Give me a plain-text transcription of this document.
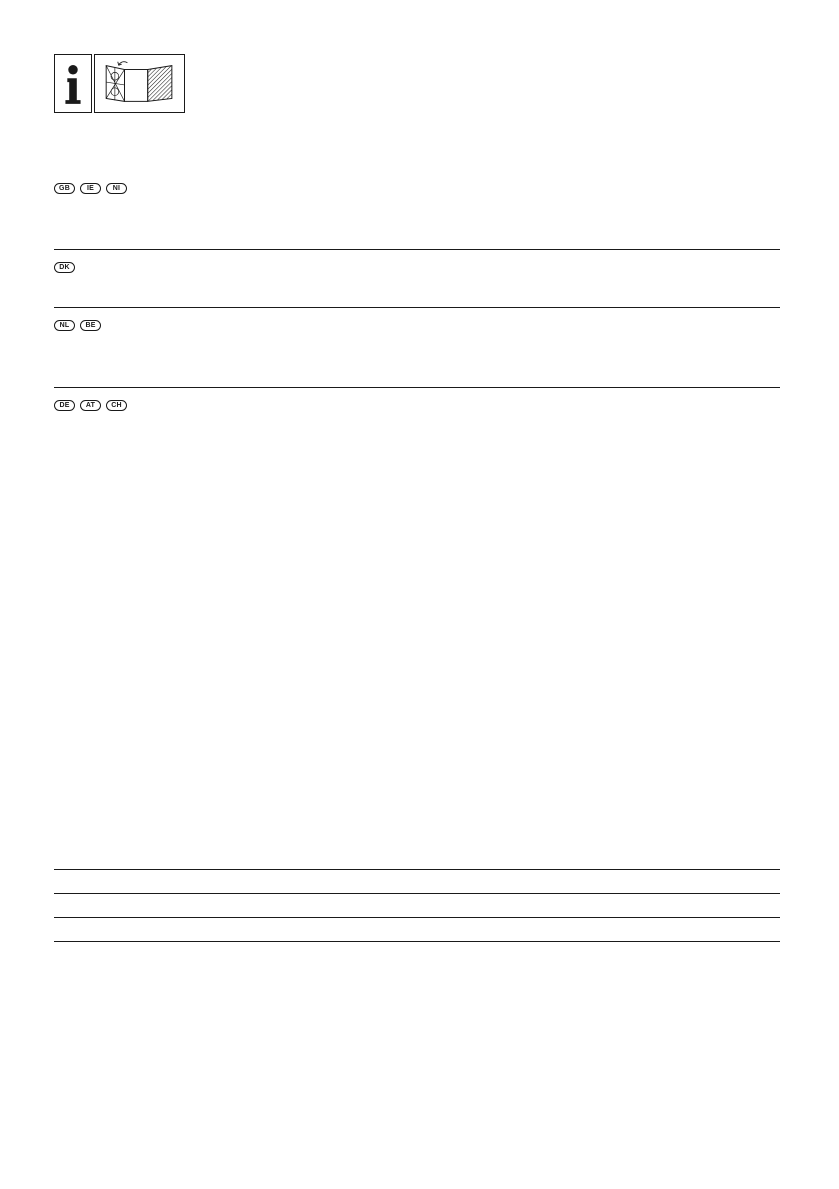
GB	IE	NI
DK
NL	BE
DE	AT	CH
